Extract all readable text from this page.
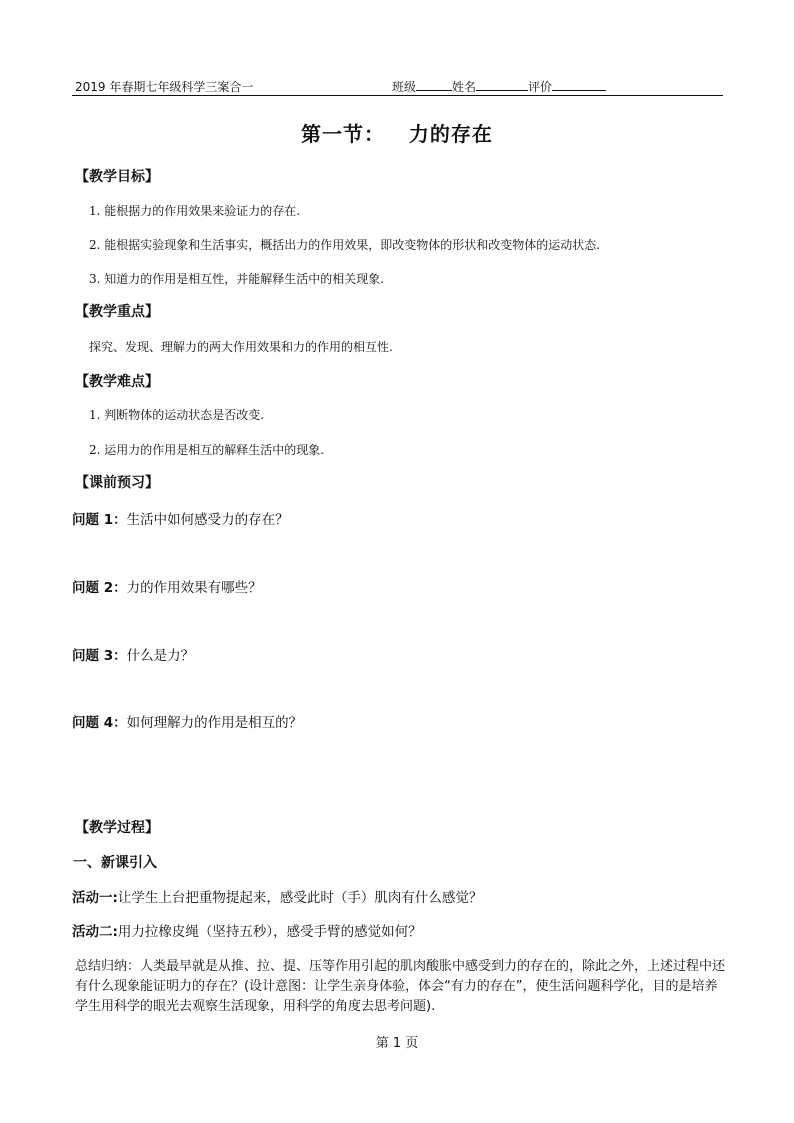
2019 年春期七年级科学三案合一	班级	姓名	评价
第一节：   力的存在
【教学目标】
1. 能根据力的作用效果来验证力的存在.
2. 能根据实验现象和生活事实，概括出力的作用效果，即改变物体的形状和改变物体的运动状态.
3. 知道力的作用是相互性，并能解释生活中的相关现象.
【教学重点】
探究、发现、理解力的两大作用效果和力的作用的相互性.
【教学难点】
1. 判断物体的运动状态是否改变.
2. 运用力的作用是相互的解释生活中的现象.
【课前预习】
问题 1：生活中如何感受力的存在？
问题 2：力的作用效果有哪些？
问题 3：什么是力？
问题 4：如何理解力的作用是相互的？
【教学过程】
一、新课引入
活动一:让学生上台把重物提起来，感受此时（手）肌肉有什么感觉？
活动二:用力拉橡皮绳（坚持五秒），感受手臂的感觉如何？
总结归纳：人类最早就是从推、拉、提、压等作用引起的肌肉酸胀中感受到力的存在的，除此之外，上述过程中还有什么现象能证明力的存在？(设计意图：让学生亲身体验，体会“有力的存在”，使生活问题科学化，目的是培养学生用科学的眼光去观察生活现象，用科学的角度去思考问题).
第 1 页
